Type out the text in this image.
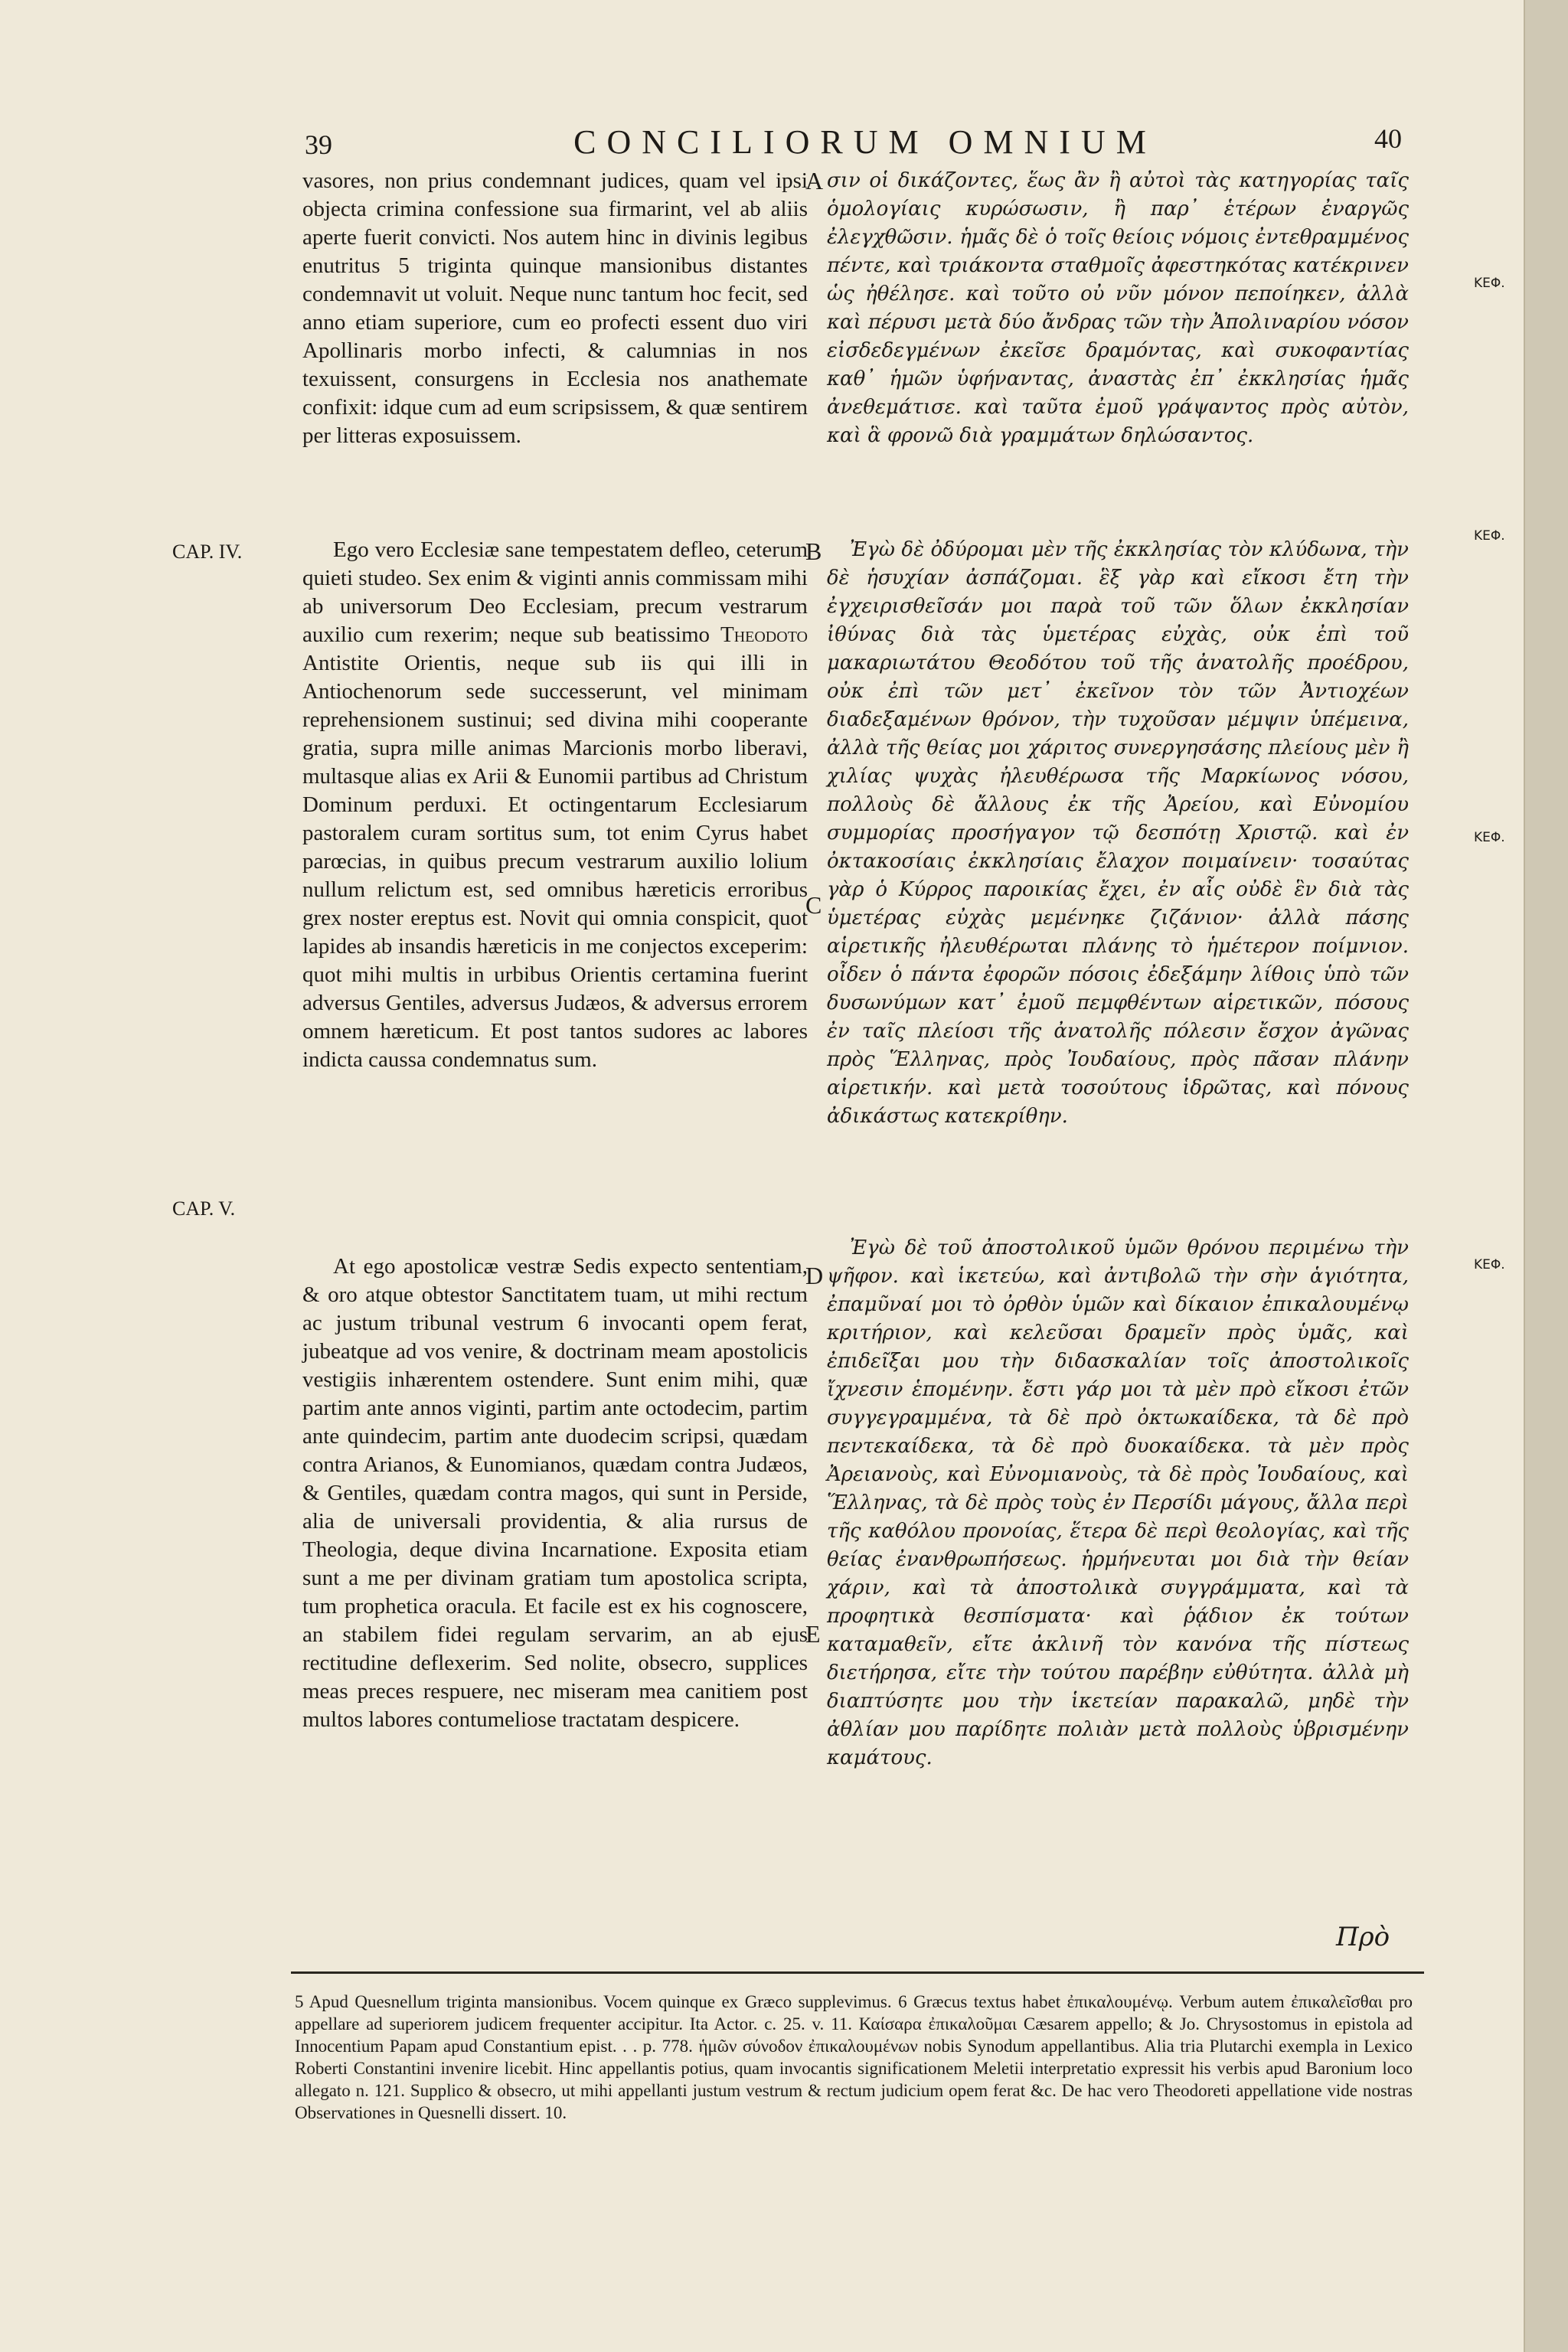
39	CONCILIORUM OMNIUM	40

vasores, non prius condemnant judices, quam vel ipsi objecta crimina confessione sua firmarint, vel ab aliis aperte fuerit convicti. Nos autem hinc in divinis legibus enutritus 5 triginta quinque mansionibus distantes condemnavit ut voluit. Neque nunc tantum hoc fecit, sed anno etiam superiore, cum eo profecti essent duo viri Apollinaris morbo infecti, & calumnias in nos texuissent, consurgens in Ecclesia nos anathemate confixit: idque cum ad eum scripsissem, & quæ sentirem per litteras exposuissem.

CAP. IV.	Ego vero Ecclesiæ sane tempestatem defleo, ceterum quieti studeo. Sex enim & viginti annis commissam mihi ab universorum Deo Ecclesiam, precum vestrarum auxilio cum rexerim; neque sub beatissimo Theodoto Antistite Orientis, neque sub iis qui illi in Antiochenorum sede successerunt, vel minimam reprehensionem sustinui; sed divina mihi cooperante gratia, supra mille animas Marcionis morbo liberavi, multasque alias ex Arii & Eunomii partibus ad Christum Dominum perduxi. Et octingentarum Ecclesiarum pastoralem curam sortitus sum, tot enim Cyrus habet parœcias, in quibus precum vestrarum auxilio lolium nullum relictum est, sed omnibus hæreticis erroribus grex noster ereptus est. Novit qui omnia conspicit, quot lapides ab insandis hæreticis in me conjectos exceperim: quot mihi multis in urbibus Orientis certamina fuerint adversus Gentiles, adversus Judæos, & adversus errorem omnem hæreticum. Et post tantos sudores ac labores indicta caussa condemnatus sum.

CAP. V.

At ego apostolicæ vestræ Sedis expecto sententiam, & oro atque obtestor Sanctitatem tuam, ut mihi rectum ac justum tribunal vestrum 6 invocanti opem ferat, jubeatque ad vos venire, & doctrinam meam apostolicis vestigiis inhærentem ostendere. Sunt enim mihi, quæ partim ante annos viginti, partim ante octodecim, partim ante quindecim, partim ante duodecim scripsi, quædam contra Arianos, & Eunomianos, quædam contra Judæos, & Gentiles, quædam contra magos, qui sunt in Perside, alia de universali providentia, & alia rursus de Theologia, deque divina Incarnatione. Exposita etiam sunt a me per divinam gratiam tum apostolica scripta, tum prophetica oracula. Et facile est ex his cognoscere, an stabilem fidei regulam servarim, an ab ejus rectitudine deflexerim. Sed nolite, obsecro, supplices meas preces respuere, nec miseram mea canitiem post multos labores contumeliose tractatam despicere.

A
B
C
D
E

σιν οἱ δικάζοντες, ἕως ἂν ἢ αὐτοὶ τὰς κατηγορίας ταῖς ὁμολογίαις κυρώσωσιν, ἢ παρ᾽ ἑτέρων ἐναργῶς ἐλεγχθῶσιν. ἡμᾶς δὲ ὁ τοῖς θείοις νόμοις ἐντεθραμμένος πέντε, καὶ τριάκοντα σταθμοῖς ἀφεστηκότας κατέκρινεν ὡς ἠθέλησε. καὶ τοῦτο οὐ νῦν μόνον πεποίηκεν, ἀλλὰ καὶ πέρυσι μετὰ δύο ἄνδρας τῶν τὴν Ἀπολιναρίου νόσον εἰσδεδεγμένων ἐκεῖσε δραμόντας, καὶ συκοφαντίας καθ᾽ ἡμῶν ὑφήναντας, ἀναστὰς ἐπ᾽ ἐκκλησίας ἡμᾶς ἀνεθεμάτισε. καὶ ταῦτα ἐμοῦ γράψαντος πρὸς αὐτὸν, καὶ ἃ φρονῶ διὰ γραμμάτων δηλώσαντος.

Ἐγὼ δὲ ὀδύρομαι μὲν τῆς ἐκκλησίας τὸν κλύδωνα, τὴν δὲ ἡσυχίαν ἀσπάζομαι. ἓξ γὰρ καὶ εἴκοσι ἔτη τὴν ἐγχειρισθεῖσάν μοι παρὰ τοῦ τῶν ὅλων ἐκκλησίαν ἰθύνας διὰ τὰς ὑμετέρας εὐχὰς, οὐκ ἐπὶ τοῦ μακαριωτάτου Θεοδότου τοῦ τῆς ἀνατολῆς προέδρου, οὐκ ἐπὶ τῶν μετ᾽ ἐκεῖνον τὸν τῶν Ἀντιοχέων διαδεξαμένων θρόνον, τὴν τυχοῦσαν μέμψιν ὑπέμεινα, ἀλλὰ τῆς θείας μοι χάριτος συνεργησάσης πλείους μὲν ἢ χιλίας ψυχὰς ἠλευθέρωσα τῆς Μαρκίωνος νόσου, πολλοὺς δὲ ἄλλους ἐκ τῆς Ἀρείου, καὶ Εὐνομίου συμμορίας προσήγαγον τῷ δεσπότῃ Χριστῷ. καὶ ἐν ὀκτακοσίαις ἐκκλησίαις ἔλαχον ποιμαίνειν· τοσαύτας γὰρ ὁ Κύρρος παροικίας ἔχει, ἐν αἷς οὐδὲ ἓν διὰ τὰς ὑμετέρας εὐχὰς μεμένηκε ζιζάνιον· ἀλλὰ πάσης αἱρετικῆς ἠλευθέρωται πλάνης τὸ ἡμέτερον ποίμνιον. οἶδεν ὁ πάντα ἐφορῶν πόσοις ἐδεξάμην λίθοις ὑπὸ τῶν δυσωνύμων κατ᾽ ἐμοῦ πεμφθέντων αἱρετικῶν, πόσους ἐν ταῖς πλείοσι τῆς ἀνατολῆς πόλεσιν ἔσχον ἀγῶνας πρὸς Ἕλληνας, πρὸς Ἰουδαίους, πρὸς πᾶσαν πλάνην αἱρετικήν. καὶ μετὰ τοσούτους ἱδρῶτας, καὶ πόνους ἀδικάστως κατεκρίθην.

Ἐγὼ δὲ τοῦ ἀποστολικοῦ ὑμῶν θρόνου περιμένω τὴν ψῆφον. καὶ ἱκετεύω, καὶ ἀντιβολῶ τὴν σὴν ἁγιότητα, ἐπαμῦναί μοι τὸ ὀρθὸν ὑμῶν καὶ δίκαιον ἐπικαλουμένῳ κριτήριον, καὶ κελεῦσαι δραμεῖν πρὸς ὑμᾶς, καὶ ἐπιδεῖξαι μου τὴν διδασκαλίαν τοῖς ἀποστολικοῖς ἴχνεσιν ἑπομένην. ἔστι γάρ μοι τὰ μὲν πρὸ εἴκοσι ἐτῶν συγγεγραμμένα, τὰ δὲ πρὸ ὀκτωκαίδεκα, τὰ δὲ πρὸ πεντεκαίδεκα, τὰ δὲ πρὸ δυοκαίδεκα. τὰ μὲν πρὸς Ἀρειανοὺς, καὶ Εὐνομιανοὺς, τὰ δὲ πρὸς Ἰουδαίους, καὶ Ἕλληνας, τὰ δὲ πρὸς τοὺς ἐν Περσίδι μάγους, ἄλλα περὶ τῆς καθόλου προνοίας, ἕτερα δὲ περὶ θεολογίας, καὶ τῆς θείας ἐνανθρωπήσεως. ἡρμήνευται μοι διὰ τὴν θείαν χάριν, καὶ τὰ ἀποστολικὰ συγγράμματα, καὶ τὰ προφητικὰ θεσπίσματα· καὶ ῥᾴδιον ἐκ τούτων καταμαθεῖν, εἴτε ἀκλινῆ τὸν κανόνα τῆς πίστεως διετήρησα, εἴτε τὴν τούτου παρέβην εὐθύτητα. ἀλλὰ μὴ διαπτύσητε μου τὴν ἱκετείαν παρακαλῶ, μηδὲ τὴν ἀθλίαν μου παρίδητε πολιὰν μετὰ πολλοὺς ὑβρισμένην καμάτους.

ΚΕΦ.
ΚΕΦ.
ΚΕΦ.
ΚΕΦ.
Πρὸ
5 Apud Quesnellum triginta mansionibus. Vocem quinque ex Græco supplevimus. 6 Græcus textus habet ἐπικαλουμένῳ. Verbum autem ἐπικαλεῖσθαι pro appellare ad superiorem judicem frequenter accipitur. Ita Actor. c. 25. v. 11. Καίσαρα ἐπικαλοῦμαι Cæsarem appello; & Jo. Chrysostomus in epistola ad Innocentium Papam apud Constantium epist. . . p. 778. ἡμῶν σύνοδον ἐπικαλουμένων nobis Synodum appellantibus. Alia tria Plutarchi exempla in Lexico Roberti Constantini invenire licebit. Hinc appellantis potius, quam invocantis significationem Meletii interpretatio expressit his verbis apud Baronium loco allegato n. 121. Supplico & obsecro, ut mihi appellanti justum vestrum & rectum judicium opem ferat &c. De hac vero Theodoreti appellatione vide nostras Observationes in Quesnelli dissert. 10.
